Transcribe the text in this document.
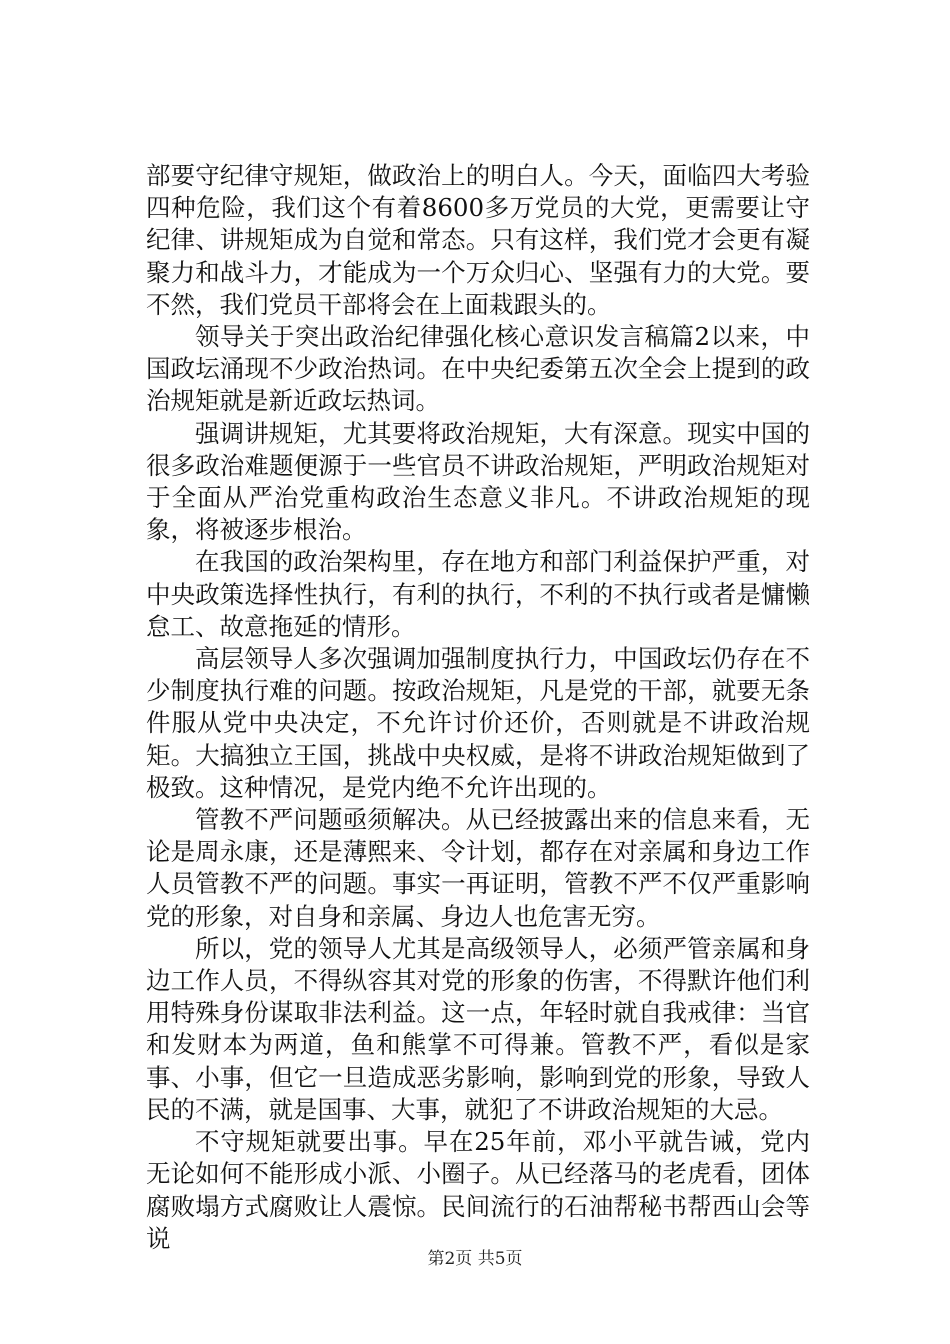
部要守纪律守规矩，做政治上的明白人。今天，面临四大考验四种危险，我们这个有着8600多万党员的大党，更需要让守纪律、讲规矩成为自觉和常态。只有这样，我们党才会更有凝聚力和战斗力，才能成为一个万众归心、坚强有力的大党。要不然，我们党员干部将会在上面栽跟头的。

领导关于突出政治纪律强化核心意识发言稿篇2以来，中国政坛涌现不少政治热词。在中央纪委第五次全会上提到的政治规矩就是新近政坛热词。

强调讲规矩，尤其要将政治规矩，大有深意。现实中国的很多政治难题便源于一些官员不讲政治规矩，严明政治规矩对于全面从严治党重构政治生态意义非凡。不讲政治规矩的现象，将被逐步根治。

在我国的政治架构里，存在地方和部门利益保护严重，对中央政策选择性执行，有利的执行，不利的不执行或者是慵懒怠工、故意拖延的情形。

高层领导人多次强调加强制度执行力，中国政坛仍存在不少制度执行难的问题。按政治规矩，凡是党的干部，就要无条件服从党中央决定，不允许讨价还价，否则就是不讲政治规矩。大搞独立王国，挑战中央权威，是将不讲政治规矩做到了极致。这种情况，是党内绝不允许出现的。

管教不严问题亟须解决。从已经披露出来的信息来看，无论是周永康，还是薄熙来、令计划，都存在对亲属和身边工作人员管教不严的问题。事实一再证明，管教不严不仅严重影响党的形象，对自身和亲属、身边人也危害无穷。

所以，党的领导人尤其是高级领导人，必须严管亲属和身边工作人员，不得纵容其对党的形象的伤害，不得默许他们利用特殊身份谋取非法利益。这一点，年轻时就自我戒律：当官和发财本为两道，鱼和熊掌不可得兼。管教不严，看似是家事、小事，但它一旦造成恶劣影响，影响到党的形象，导致人民的不满，就是国事、大事，就犯了不讲政治规矩的大忌。

不守规矩就要出事。早在25年前，邓小平就告诫，党内无论如何不能形成小派、小圈子。从已经落马的老虎看，团体腐败塌方式腐败让人震惊。民间流行的石油帮秘书帮西山会等说

第2页 共5页
